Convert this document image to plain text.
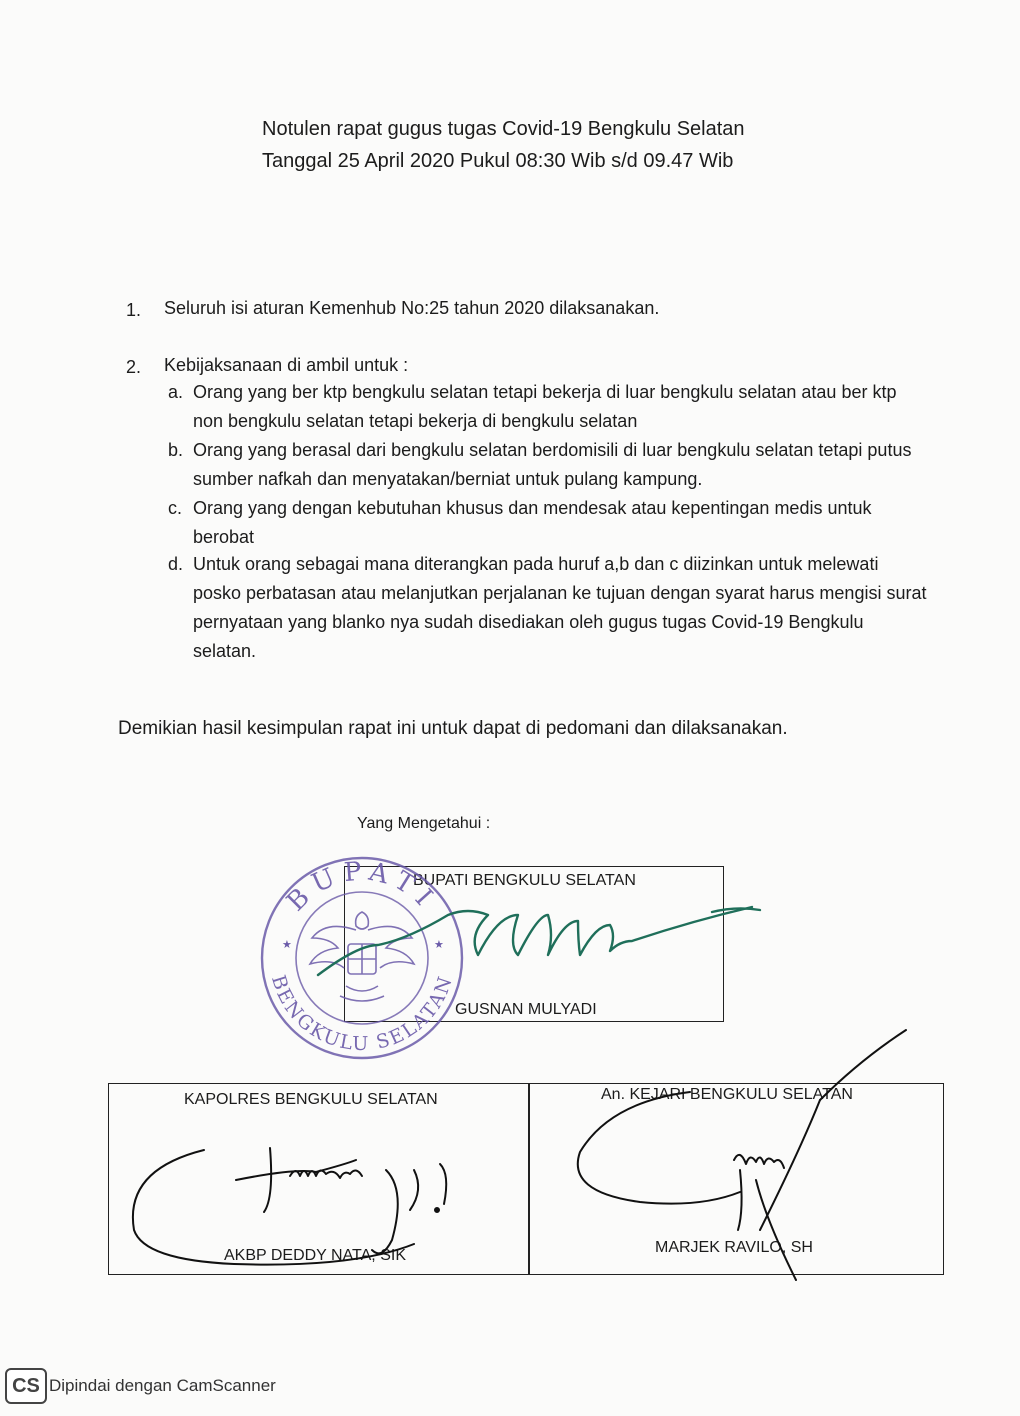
Notulen rapat gugus tugas Covid-19 Bengkulu Selatan
Tanggal 25 April 2020 Pukul 08:30 Wib s/d 09.47 Wib
1. Seluruh isi aturan Kemenhub No:25 tahun 2020 dilaksanakan.
2. Kebijaksanaan di ambil untuk :
a. Orang yang ber ktp bengkulu selatan tetapi bekerja di luar bengkulu selatan atau ber ktp non bengkulu selatan tetapi bekerja di bengkulu selatan
b. Orang yang berasal dari bengkulu selatan berdomisili di luar bengkulu selatan tetapi putus sumber nafkah dan menyatakan/berniat untuk pulang kampung.
c. Orang yang dengan kebutuhan khusus dan mendesak atau kepentingan medis untuk berobat
d. Untuk orang sebagai mana diterangkan pada huruf a,b dan c diizinkan untuk melewati posko perbatasan atau melanjutkan perjalanan ke tujuan dengan syarat harus mengisi surat pernyataan yang blanko nya sudah disediakan oleh gugus tugas Covid-19 Bengkulu selatan.
Demikian hasil kesimpulan rapat ini untuk dapat di pedomani dan dilaksanakan.
Yang Mengetahui :
BUPATI BENGKULU SELATAN
GUSNAN MULYADI
KAPOLRES BENGKULU SELATAN
AKBP DEDDY NATA, SIK
An. KEJARI BENGKULU SELATAN
MARJEK RAVILO, SH
BUPATI
BENGKULU SELATAN
★	★
CS Dipindai dengan CamScanner
